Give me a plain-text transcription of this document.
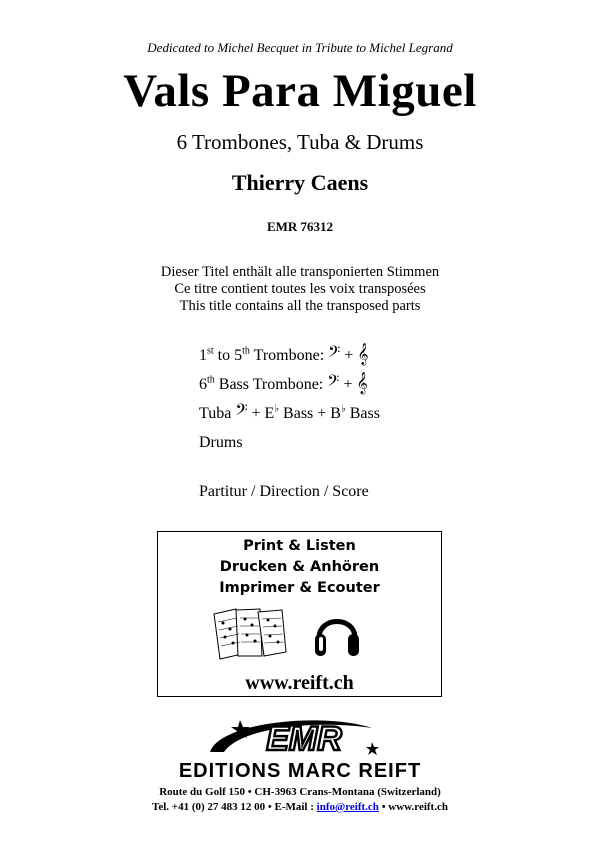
Dedicated to Michel Becquet in Tribute to Michel Legrand
Vals Para Miguel
6 Trombones, Tuba & Drums
Thierry Caens
EMR 76312
Dieser Titel enthält alle transponierten Stimmen
Ce titre contient toutes les voix transposées
This title contains all the transposed parts
1st to 5th Trombone: 𝄢 + 𝄞
6th Bass Trombone: 𝄢 + 𝄞
Tuba 𝄢 + E♭ Bass + B♭ Bass
Drums
Partitur / Direction / Score
Print & Listen
Drucken & Anhören
Imprimer & Ecouter
www.reift.ch
EMR
EDITIONS MARC REIFT
Route du Golf 150 • CH-3963 Crans-Montana (Switzerland)
Tel. +41 (0) 27 483 12 00 • E-Mail : info@reift.ch • www.reift.ch
